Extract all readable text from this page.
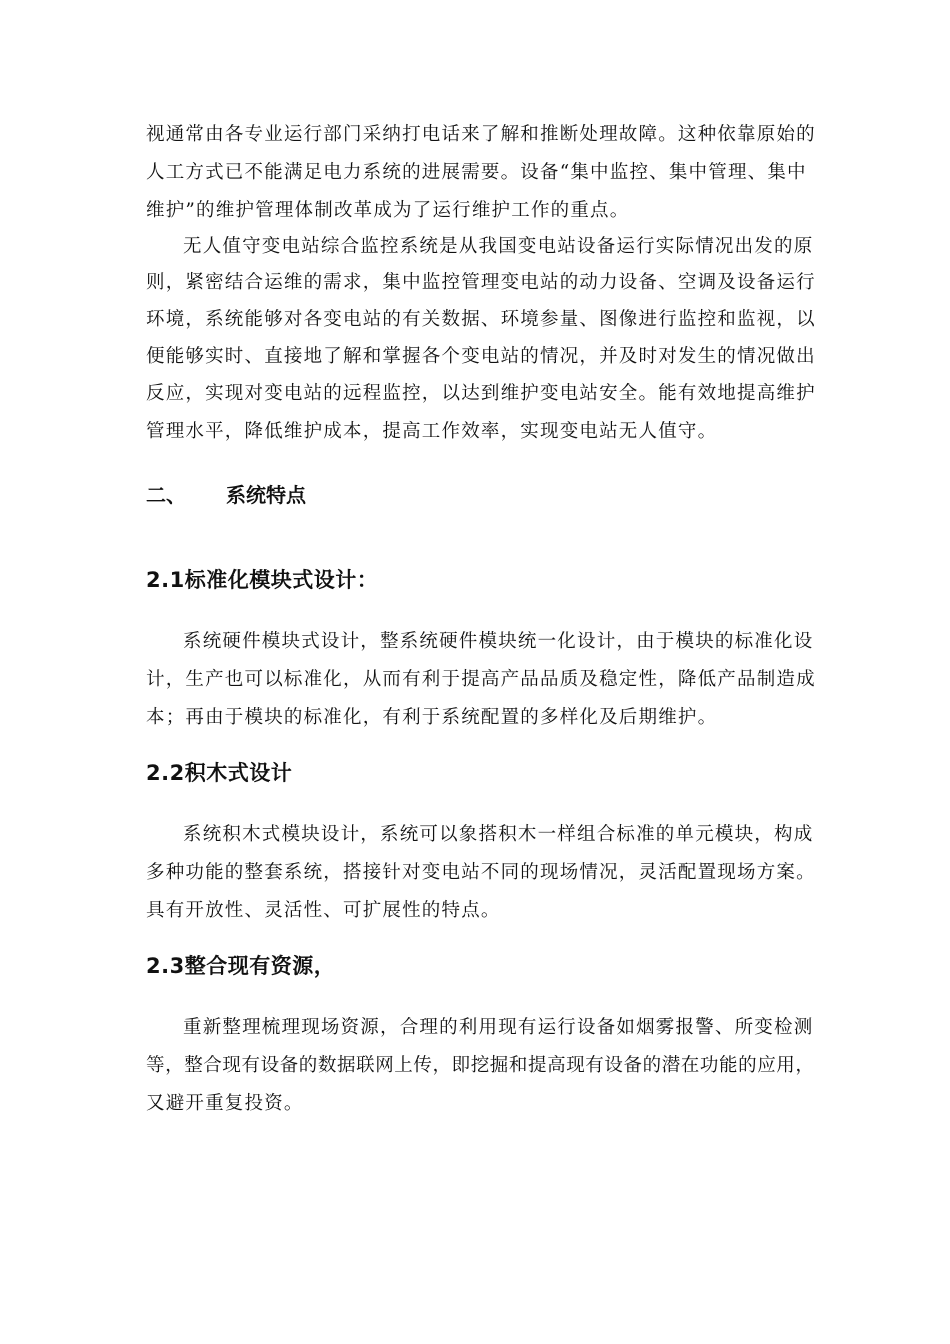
视通常由各专业运行部门采纳打电话来了解和推断处理故障。这种依靠原始的
人工方式已不能满足电力系统的进展需要。设备“集中监控、集中管理、集中
维护”的维护管理体制改革成为了运行维护工作的重点。
无人值守变电站综合监控系统是从我国变电站设备运行实际情况出发的原
则，紧密结合运维的需求，集中监控管理变电站的动力设备、空调及设备运行
环境，系统能够对各变电站的有关数据、环境参量、图像进行监控和监视，以
便能够实时、直接地了解和掌握各个变电站的情况，并及时对发生的情况做出
反应，实现对变电站的远程监控，以达到维护变电站安全。能有效地提高维护
管理水平，降低维护成本，提高工作效率，实现变电站无人值守。
二、 系统特点
2.1标准化模块式设计：
系统硬件模块式设计，整系统硬件模块统一化设计，由于模块的标准化设
计，生产也可以标准化，从而有利于提高产品品质及稳定性，降低产品制造成
本；再由于模块的标准化，有利于系统配置的多样化及后期维护。
2.2积木式设计
系统积木式模块设计，系统可以象搭积木一样组合标准的单元模块，构成
多种功能的整套系统，搭接针对变电站不同的现场情况，灵活配置现场方案。
具有开放性、灵活性、可扩展性的特点。
2.3整合现有资源，
重新整理梳理现场资源，合理的利用现有运行设备如烟雾报警、所变检测
等，整合现有设备的数据联网上传，即挖掘和提高现有设备的潜在功能的应用，
又避开重复投资。
